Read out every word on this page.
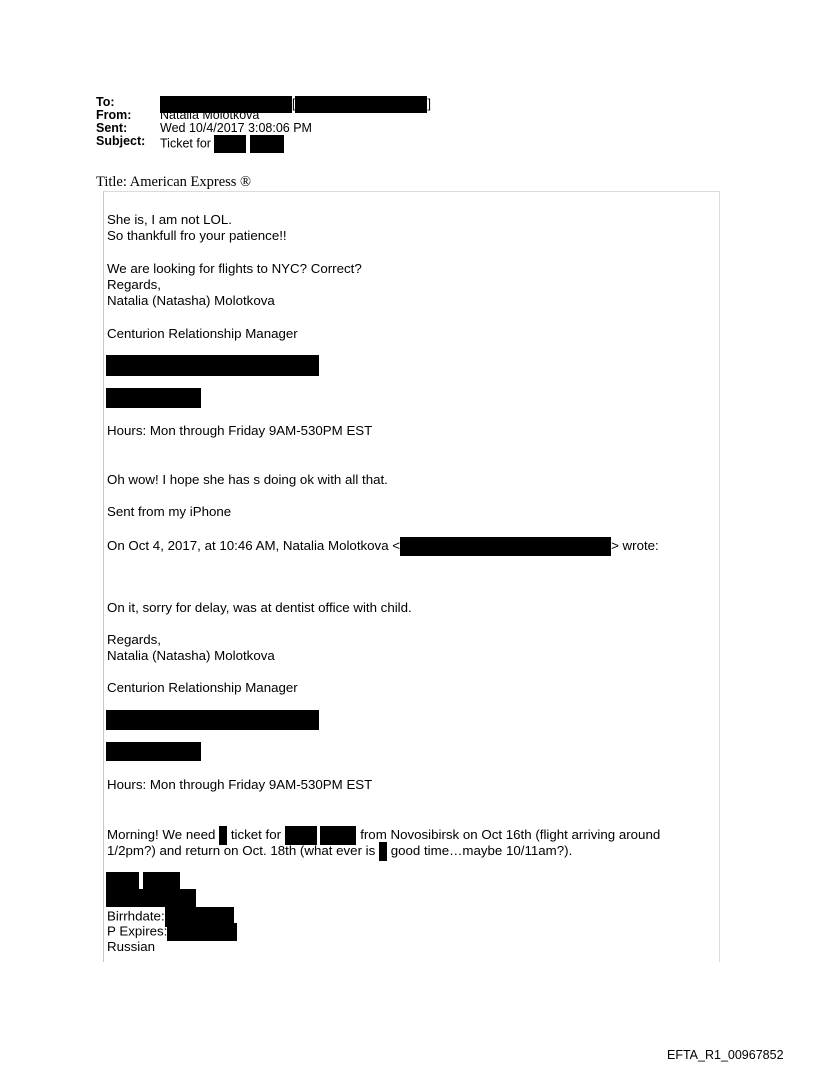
To:	[	]
From: Natalia Molotkova
Sent:	Wed 10/4/2017 3:08:06 PM
Subject: Ticket for
Title: American Express ®
She is, I am not LOL.
So thankfull fro your patience!!
We are looking for flights to NYC? Correct?
Regards,
Natalia (Natasha) Molotkova
Centurion Relationship Manager
Hours: Mon through Friday 9AM-530PM EST
Oh wow! I hope she has s doing ok with all that.
Sent from my iPhone
On Oct 4, 2017, at 10:46 AM, Natalia Molotkova <	> wrote:
On it, sorry for delay, was at dentist office with child.
Regards,
Natalia (Natasha) Molotkova
Centurion Relationship Manager
Hours: Mon through Friday 9AM-530PM EST
Morning! We need ticket for	from Novosibirsk on Oct 16th (flight arriving around
1/2pm?) and return on Oct. 18th (what ever is good time…maybe 10/11am?).
Birrhdate:
P Expires:
Russian
EFTA_R1_00967852
